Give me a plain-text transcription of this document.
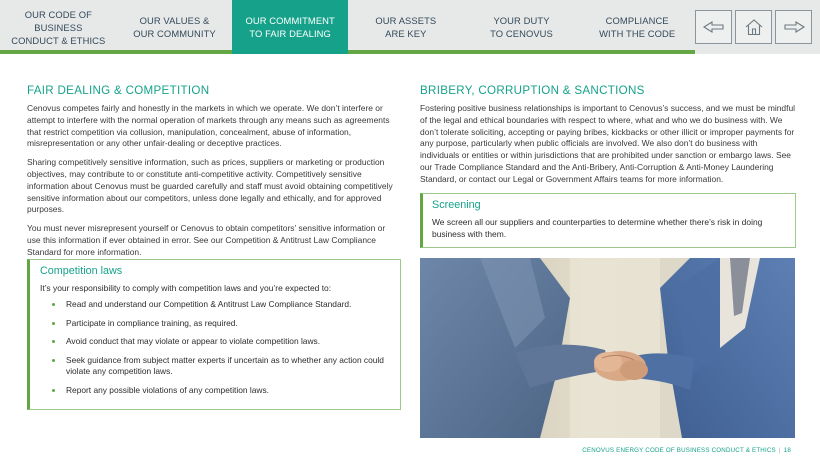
OUR CODE OF BUSINESS
CONDUCT & ETHICS
OUR VALUES &
OUR COMMUNITY
OUR COMMITMENT
TO FAIR DEALING
OUR ASSETS
ARE KEY
YOUR DUTY
TO CENOVUS
COMPLIANCE
WITH THE CODE
FAIR DEALING & COMPETITION

Cenovus competes fairly and honestly in the markets in which we operate. We don’t interfere or attempt to interfere with the normal operation of markets through any means such as agreements that restrict competition via collusion, manipulation, concealment, abuse of information, misrepresentation or any other unfair-dealing or deceptive practices.

Sharing competitively sensitive information, such as prices, suppliers or marketing or production objectives, may contribute to or constitute anti-competitive activity. Competitively sensitive information about Cenovus must be guarded carefully and staff must avoid obtaining competitively sensitive information about our competitors, unless done legally and ethically, and for approved purposes.

You must never misrepresent yourself or Cenovus to obtain competitors’ sensitive information or use this information if ever obtained in error. See our Competition & Antitrust Law Compliance Standard for more information.

Competition laws
It’s your responsibility to comply with competition laws and you’re expected to:
Read and understand our Competition & Antitrust Law Compliance Standard.
Participate in compliance training, as required.
Avoid conduct that may violate or appear to violate competition laws.
Seek guidance from subject matter experts if uncertain as to whether any action could violate any competition laws.
Report any possible violations of any competition laws.
BRIBERY, CORRUPTION & SANCTIONS

Fostering positive business relationships is important to Cenovus’s success, and we must be mindful of the legal and ethical boundaries with respect to where, what and who we do business with. We don’t tolerate soliciting, accepting or paying bribes, kickbacks or other illicit or improper payments for any purpose, particularly when public officials are involved. We also don’t do business with individuals or entities or within jurisdictions that are prohibited under sanction or embargo laws. See our Trade Compliance Standard and the Anti-Bribery, Anti-Corruption & Anti-Money Laundering Standard, or contact our Legal or Government Affairs teams for more information.

Screening

We screen all our suppliers and counterparties to determine whether there’s risk in doing business with them.

CENOVUS ENERGY CODE OF BUSINESS CONDUCT & ETHICS | 18
